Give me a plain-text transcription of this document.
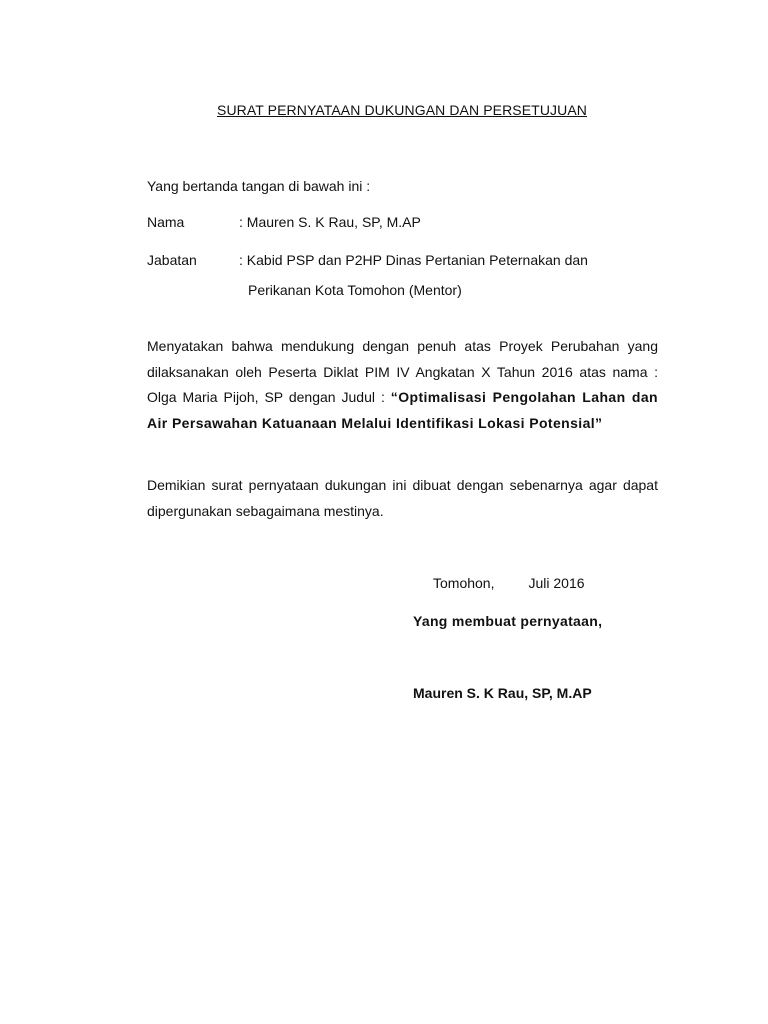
SURAT PERNYATAAN DUKUNGAN DAN PERSETUJUAN
Yang bertanda tangan di bawah ini :
Nama	: Mauren S. K Rau, SP, M.AP
Jabatan	: Kabid PSP dan P2HP Dinas Pertanian Peternakan dan
Perikanan Kota Tomohon (Mentor)
Menyatakan bahwa mendukung dengan penuh atas Proyek Perubahan yang dilaksanakan oleh Peserta Diklat PIM IV Angkatan X Tahun 2016 atas nama : Olga Maria Pijoh, SP dengan Judul : “Optimalisasi Pengolahan Lahan dan Air Persawahan Katuanaan Melalui Identifikasi Lokasi Potensial”
Demikian surat pernyataan dukungan ini dibuat dengan sebenarnya agar dapat dipergunakan sebagaimana mestinya.
Tomohon, Juli 2016
Yang membuat pernyataan,
Mauren S. K Rau, SP, M.AP
